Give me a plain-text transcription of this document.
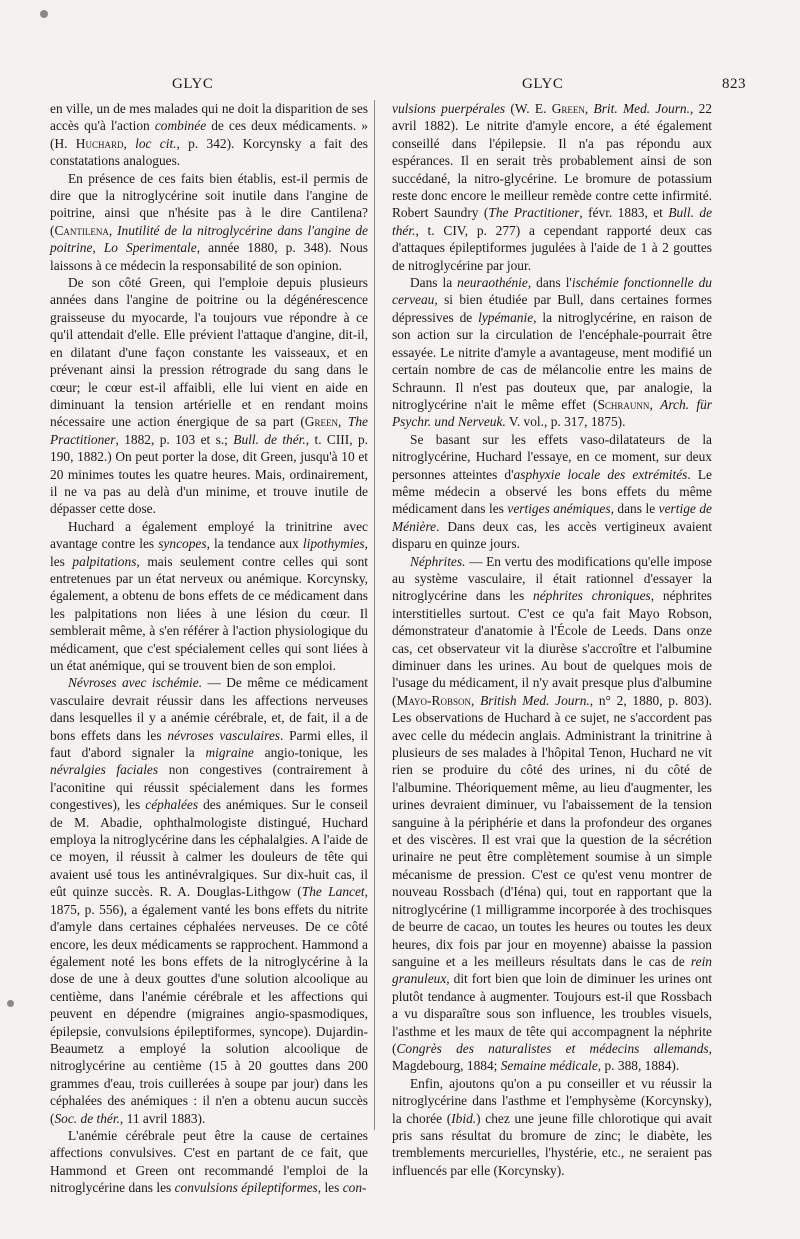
GLYC	GLYC	823

en ville, un de mes malades qui ne doit la disparition de ses accès qu'à l'action combinée de ces deux médicaments. » (H. Huchard, loc cit., p. 342). Korcynsky a fait des constatations analogues.

En présence de ces faits bien établis, est-il permis de dire que la nitroglycérine soit inutile dans l'angine de poitrine, ainsi que n'hésite pas à le dire Cantilena? (Cantilena, Inutilité de la nitroglycérine dans l'angine de poitrine, Lo Sperimentale, année 1880, p. 348). Nous laissons à ce médecin la responsabilité de son opinion.

De son côté Green, qui l'emploie depuis plusieurs années dans l'angine de poitrine ou la dégénérescence graisseuse du myocarde, l'a toujours vue répondre à ce qu'il attendait d'elle. Elle prévient l'attaque d'angine, dit-il, en dilatant d'une façon constante les vaisseaux, et en prévenant ainsi la pression rétrograde du sang dans le cœur; le cœur est-il affaibli, elle lui vient en aide en diminuant la tension artérielle et en rendant moins nécessaire une action énergique de sa part (Green, The Practitioner, 1882, p. 103 et s.; Bull. de thér., t. CIII, p. 190, 1882.) On peut porter la dose, dit Green, jusqu'à 10 et 20 minimes toutes les quatre heures. Mais, ordinairement, il ne va pas au delà d'un minime, et trouve inutile de dépasser cette dose.

Huchard a également employé la trinitrine avec avantage contre les syncopes, la tendance aux lipothymies, les palpitations, mais seulement contre celles qui sont entretenues par un état nerveux ou anémique. Korcynsky, également, a obtenu de bons effets de ce médicament dans les palpitations non liées à une lésion du cœur. Il semblerait même, à s'en référer à l'action physiologique du médicament, que c'est spécialement celles qui sont liées à un état anémique, qui se trouvent bien de son emploi.

Névroses avec ischémie. — De même ce médicament vasculaire devrait réussir dans les affections nerveuses dans lesquelles il y a anémie cérébrale, et, de fait, il a de bons effets dans les névroses vasculaires. Parmi elles, il faut d'abord signaler la migraine angio-tonique, les névralgies faciales non congestives (contrairement à l'aconitine qui réussit spécialement dans les formes congestives), les céphalées des anémiques. Sur le conseil de M. Abadie, ophthalmologiste distingué, Huchard employa la nitroglycérine dans les céphalalgies. A l'aide de ce moyen, il réussit à calmer les douleurs de tête qui avaient usé tous les antinévralgiques. Sur dix-huit cas, il eût quinze succès. R. A. Douglas-Lithgow (The Lancet, 1875, p. 556), a également vanté les bons effets du nitrite d'amyle dans certaines céphalées nerveuses. De ce côté encore, les deux médicaments se rapprochent. Hammond a également noté les bons effets de la nitroglycérine à la dose de une à deux gouttes d'une solution alcoolique au centième, dans l'anémie cérébrale et les affections qui peuvent en dépendre (migraines angio-spasmodiques, épilepsie, convulsions épileptiformes, syncope). Dujardin-Beaumetz a employé la solution alcoolique de nitroglycérine au centième (15 à 20 gouttes dans 200 grammes d'eau, trois cuillerées à soupe par jour) dans les céphalées des anémiques : il n'en a obtenu aucun succès (Soc. de thér., 11 avril 1883).

L'anémie cérébrale peut être la cause de certaines affections convulsives. C'est en partant de ce fait, que Hammond et Green ont recommandé l'emploi de la nitroglycérine dans les convulsions épileptiformes, les con-

vulsions puerpérales (W. E. Green, Brit. Med. Journ., 22 avril 1882). Le nitrite d'amyle encore, a été également conseillé dans l'épilepsie. Il n'a pas répondu aux espérances. Il en serait très probablement ainsi de son succédané, la nitro-glycérine. Le bromure de potassium reste donc encore le meilleur remède contre cette infirmité. Robert Saundry (The Practitioner, févr. 1883, et Bull. de thér., t. CIV, p. 277) a cependant rapporté deux cas d'attaques épileptiformes jugulées à l'aide de 1 à 2 gouttes de nitroglycérine par jour.

Dans la neuraothénie, dans l'ischémie fonctionnelle du cerveau, si bien étudiée par Bull, dans certaines formes dépressives de lypémanie, la nitroglycérine, en raison de son action sur la circulation de l'encéphale-pourrait être essayée. Le nitrite d'amyle a avantageuse, ment modifié un certain nombre de cas de mélancolie entre les mains de Schraunn. Il n'est pas douteux que, par analogie, la nitroglycérine n'ait le même effet (Schraunn, Arch. für Psychr. und Nerveuk. V. vol., p. 317, 1875).

Se basant sur les effets vaso-dilatateurs de la nitroglycérine, Huchard l'essaye, en ce moment, sur deux personnes atteintes d'asphyxie locale des extrémités. Le même médecin a observé les bons effets du même médicament dans les vertiges anémiques, dans le vertige de Ménière. Dans deux cas, les accès vertigineux avaient disparu en quinze jours.

Néphrites. — En vertu des modifications qu'elle impose au système vasculaire, il était rationnel d'essayer la nitroglycérine dans les néphrites chroniques, néphrites interstitielles surtout. C'est ce qu'a fait Mayo Robson, démonstrateur d'anatomie à l'École de Leeds. Dans onze cas, cet observateur vit la diurèse s'accroître et l'albumine diminuer dans les urines. Au bout de quelques mois de l'usage du médicament, il n'y avait presque plus d'albumine (Mayo-Robson, British Med. Journ., n° 2, 1880, p. 803). Les observations de Huchard à ce sujet, ne s'accordent pas avec celle du médecin anglais. Administrant la trinitrine à plusieurs de ses malades à l'hôpital Tenon, Huchard ne vit rien se produire du côté des urines, ni du côté de l'albumine. Théoriquement même, au lieu d'augmenter, les urines devraient diminuer, vu l'abaissement de la tension sanguine à la périphérie et dans la profondeur des organes et des viscères. Il est vrai que la question de la sécrétion urinaire ne peut être complètement soumise à un simple mécanisme de pression. C'est ce qu'est venu montrer de nouveau Rossbach (d'Iéna) qui, tout en rapportant que la nitroglycérine (1 milligramme incorporée à des trochisques de beurre de cacao, un toutes les heures ou toutes les deux heures, dix fois par jour en moyenne) abaisse la passion sanguine et a les meilleurs résultats dans le cas de rein granuleux, dit fort bien que loin de diminuer les urines ont plutôt tendance à augmenter. Toujours est-il que Rossbach a vu disparaître sous son influence, les troubles visuels, l'asthme et les maux de tête qui accompagnent la néphrite (Congrès des naturalistes et médecins allemands, Magdebourg, 1884; Semaine médicale, p. 388, 1884).

Enfin, ajoutons qu'on a pu conseiller et vu réussir la nitroglycérine dans l'asthme et l'emphysème (Korcynsky), la chorée (Ibid.) chez une jeune fille chlorotique qui avait pris sans résultat du bromure de zinc; le diabète, les tremblements mercurielles, l'hystérie, etc., ne seraient pas influencés par elle (Korcynsky).
